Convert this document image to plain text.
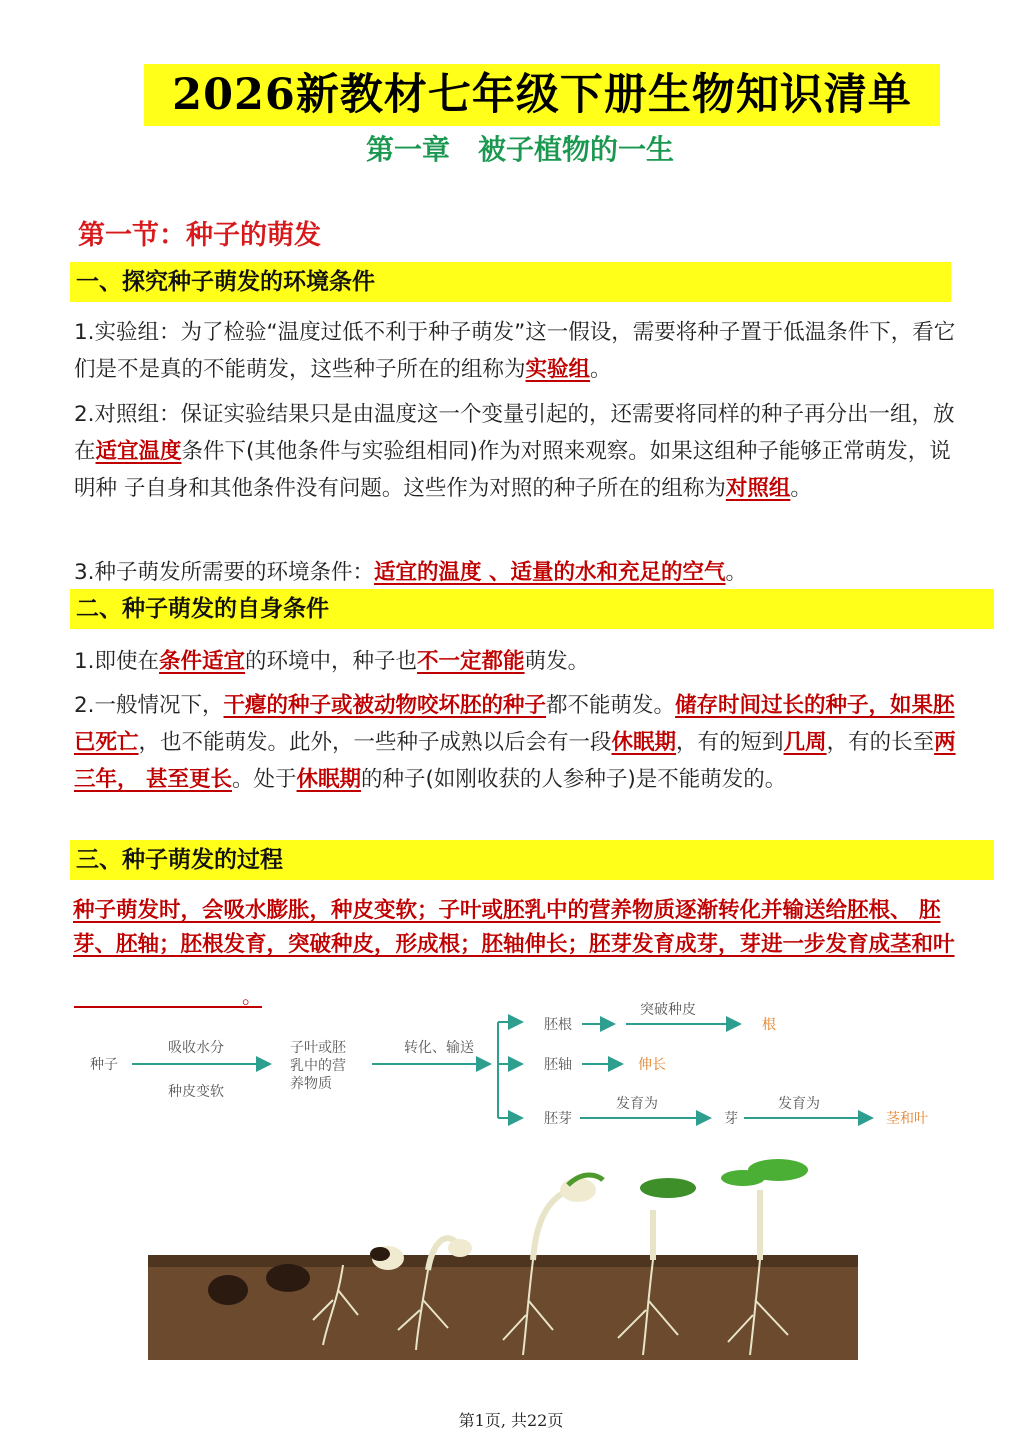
2026新教材七年级下册生物知识清单
第一章　被子植物的一生
第一节：种子的萌发
一、探究种子萌发的环境条件
1.实验组：为了检验“温度过低不利于种子萌发”这一假设，需要将种子置于低温条件下，看它们是不是真的不能萌发，这些种子所在的组称为实验组。
2.对照组：保证实验结果只是由温度这一个变量引起的，还需要将同样的种子再分出一组，放在适宜温度条件下(其他条件与实验组相同)作为对照来观察。如果这组种子能够正常萌发，说明种 子自身和其他条件没有问题。这些作为对照的种子所在的组称为对照组。
3.种子萌发所需要的环境条件：适宜的温度 、适量的水和充足的空气。
二、种子萌发的自身条件
1.即使在条件适宜的环境中，种子也不一定都能萌发。
2.一般情况下，干瘪的种子或被动物咬坏胚的种子都不能萌发。储存时间过长的种子，如果胚已死亡，也不能萌发。此外，一些种子成熟以后会有一段休眠期，有的短到几周，有的长至两三年， 甚至更长。处于休眠期的种子(如刚收获的人参种子)是不能萌发的。
三、种子萌发的过程
种子萌发时，会吸水膨胀，种皮变软；子叶或胚乳中的营养物质逐渐转化并输送给胚根、 胚芽、胚轴；胚根发育，突破种皮，形成根；胚轴伸长；胚芽发育成芽，芽进一步发育成茎和叶
。
种子
吸收水分
种皮变软
子叶或胚
乳中的营
养物质
转化、输送
胚根
突破种皮
根
胚轴	伸长
胚芽
发育为
芽
发育为
茎和叶
第1页, 共22页
